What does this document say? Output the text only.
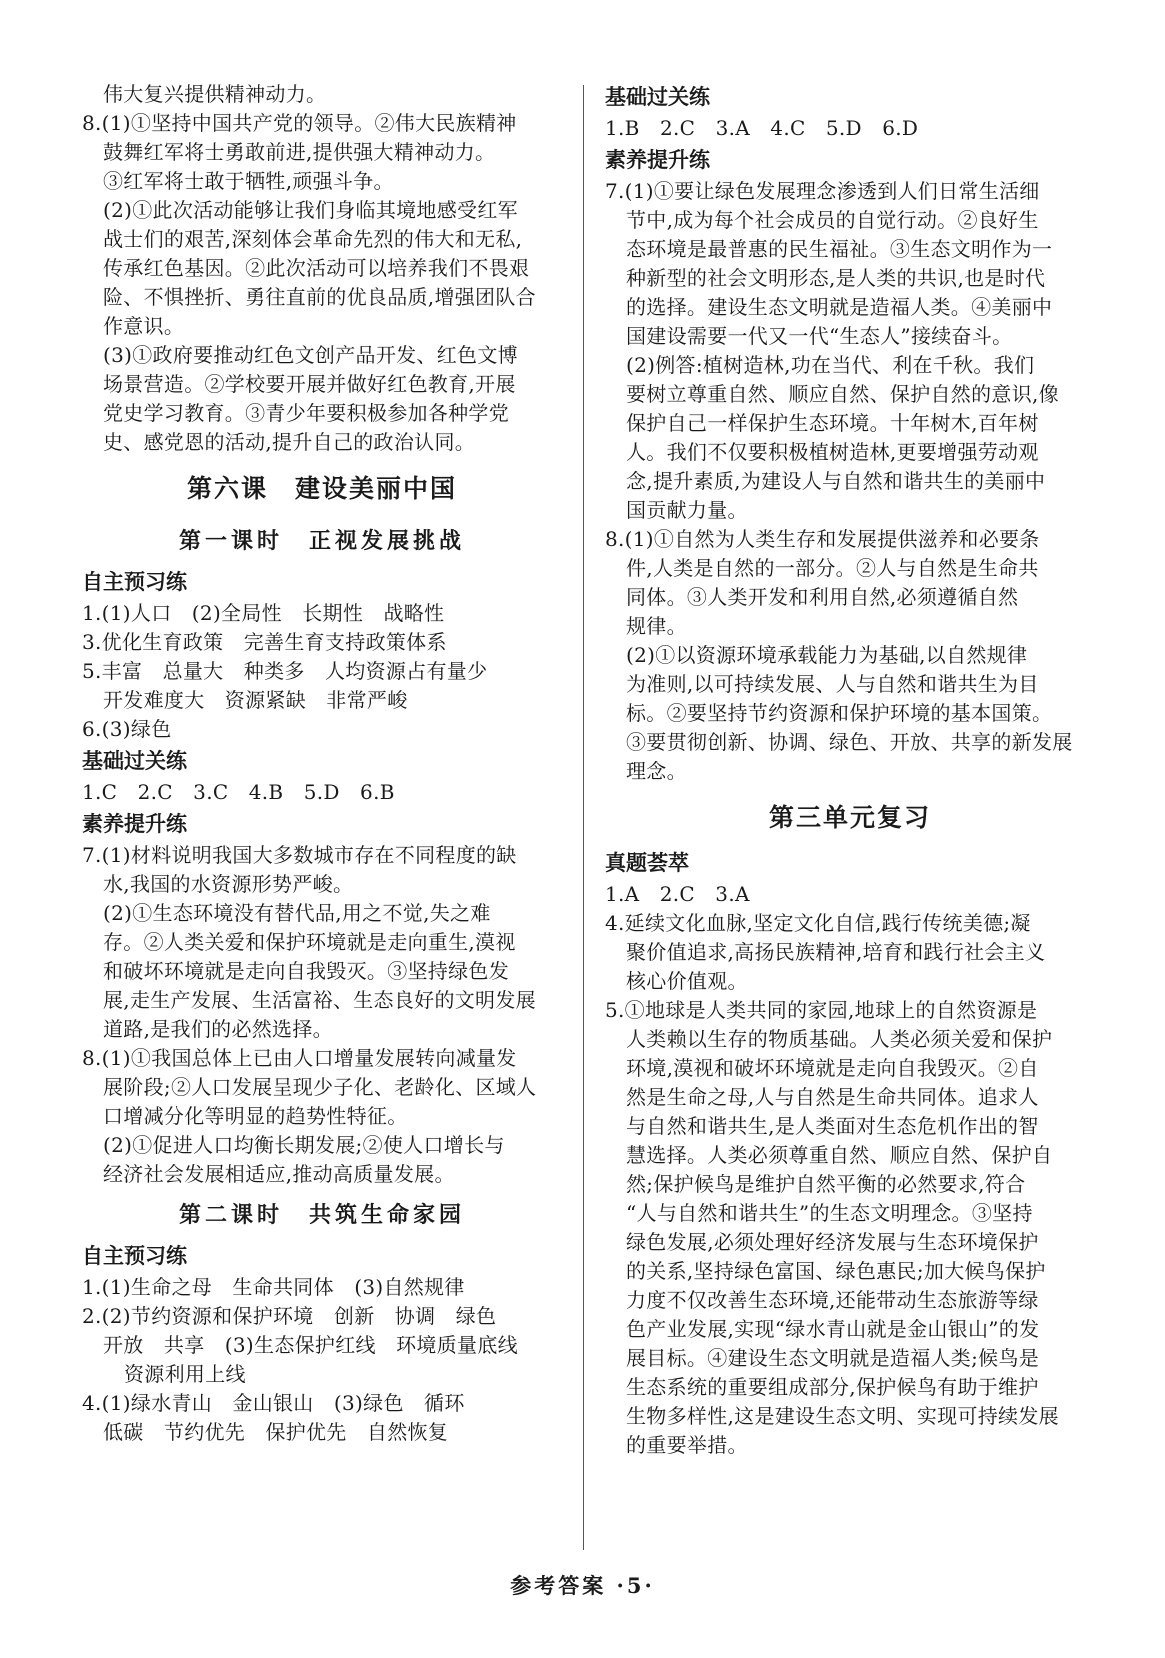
伟大复兴提供精神动力。
8.(1)①坚持中国共产党的领导。②伟大民族精神
鼓舞红军将士勇敢前进,提供强大精神动力。
③红军将士敢于牺牲,顽强斗争。
(2)①此次活动能够让我们身临其境地感受红军
战士们的艰苦,深刻体会革命先烈的伟大和无私,
传承红色基因。②此次活动可以培养我们不畏艰
险、不惧挫折、勇往直前的优良品质,增强团队合
作意识。
(3)①政府要推动红色文创产品开发、红色文博
场景营造。②学校要开展并做好红色教育,开展
党史学习教育。③青少年要积极参加各种学党
史、感党恩的活动,提升自己的政治认同。
第六课　建设美丽中国
第一课时　正视发展挑战
自主预习练
1.(1)人口　(2)全局性　长期性　战略性
3.优化生育政策　完善生育支持政策体系
5.丰富　总量大　种类多　人均资源占有量少
开发难度大　资源紧缺　非常严峻
6.(3)绿色
基础过关练
1.C　2.C　3.C　4.B　5.D　6.B
素养提升练
7.(1)材料说明我国大多数城市存在不同程度的缺
水,我国的水资源形势严峻。
(2)①生态环境没有替代品,用之不觉,失之难
存。②人类关爱和保护环境就是走向重生,漠视
和破坏环境就是走向自我毁灭。③坚持绿色发
展,走生产发展、生活富裕、生态良好的文明发展
道路,是我们的必然选择。
8.(1)①我国总体上已由人口增量发展转向减量发
展阶段;②人口发展呈现少子化、老龄化、区域人
口增减分化等明显的趋势性特征。
(2)①促进人口均衡长期发展;②使人口增长与
经济社会发展相适应,推动高质量发展。
第二课时　共筑生命家园
自主预习练
1.(1)生命之母　生命共同体　(3)自然规律
2.(2)节约资源和保护环境　创新　协调　绿色
开放　共享　(3)生态保护红线　环境质量底线
资源利用上线
4.(1)绿水青山　金山银山　(3)绿色　循环
低碳　节约优先　保护优先　自然恢复
基础过关练
1.B　2.C　3.A　4.C　5.D　6.D
素养提升练
7.(1)①要让绿色发展理念渗透到人们日常生活细
节中,成为每个社会成员的自觉行动。②良好生
态环境是最普惠的民生福祉。③生态文明作为一
种新型的社会文明形态,是人类的共识,也是时代
的选择。建设生态文明就是造福人类。④美丽中
国建设需要一代又一代“生态人”接续奋斗。
(2)例答:植树造林,功在当代、利在千秋。我们
要树立尊重自然、顺应自然、保护自然的意识,像
保护自己一样保护生态环境。十年树木,百年树
人。我们不仅要积极植树造林,更要增强劳动观
念,提升素质,为建设人与自然和谐共生的美丽中
国贡献力量。
8.(1)①自然为人类生存和发展提供滋养和必要条
件,人类是自然的一部分。②人与自然是生命共
同体。③人类开发和利用自然,必须遵循自然
规律。
(2)①以资源环境承载能力为基础,以自然规律
为准则,以可持续发展、人与自然和谐共生为目
标。②要坚持节约资源和保护环境的基本国策。
③要贯彻创新、协调、绿色、开放、共享的新发展
理念。
第三单元复习
真题荟萃
1.A　2.C　3.A
4.延续文化血脉,坚定文化自信,践行传统美德;凝
聚价值追求,高扬民族精神,培育和践行社会主义
核心价值观。
5.①地球是人类共同的家园,地球上的自然资源是
人类赖以生存的物质基础。人类必须关爱和保护
环境,漠视和破坏环境就是走向自我毁灭。②自
然是生命之母,人与自然是生命共同体。追求人
与自然和谐共生,是人类面对生态危机作出的智
慧选择。人类必须尊重自然、顺应自然、保护自
然;保护候鸟是维护自然平衡的必然要求,符合
“人与自然和谐共生”的生态文明理念。③坚持
绿色发展,必须处理好经济发展与生态环境保护
的关系,坚持绿色富国、绿色惠民;加大候鸟保护
力度不仅改善生态环境,还能带动生态旅游等绿
色产业发展,实现“绿水青山就是金山银山”的发
展目标。④建设生态文明就是造福人类;候鸟是
生态系统的重要组成部分,保护候鸟有助于维护
生物多样性,这是建设生态文明、实现可持续发展
的重要举措。
参考答案 ·5·
